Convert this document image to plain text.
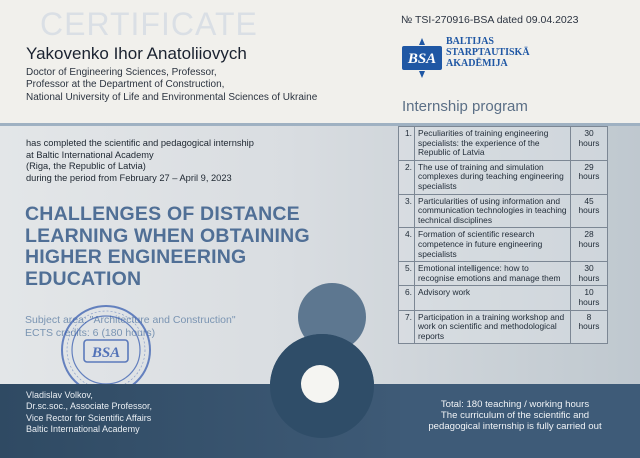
CERTIFICATE	№ TSI-270916-BSA dated 09.04.2023
Yakovenko Ihor Anatoliiovych
Doctor of Engineering Sciences, Professor,
Professor at the Department of Construction,
National University of Life and Environmental Sciences of Ukraine
BSA
BALTIJAS
STARPTAUTISKĀ
AKADĒMIJA
Internship program
has completed the scientific and pedagogical internship
at Baltic International Academy
(Riga, the Republic of Latvia)
during the period from February 27 – April 9, 2023
CHALLENGES OF DISTANCE LEARNING WHEN OBTAINING HIGHER ENGINEERING EDUCATION
Subject area: "Architecture and Construction"
ECTS credits: 6 (180 hours)
BSA
1.	Peculiarities of training engineering specialists: the experience of the Republic of Latvia	30
hours

2.	The use of training and simulation complexes during teaching engineering specialists	29
hours

3.	Particularities of using information and communication technologies in teaching technical disciplines	45
hours

4.	Formation of scientific research competence in future engineering specialists	28
hours

5.	Emotional intelligence: how to recognise emotions and manage them	30
hours

6.	Advisory work	10
hours

7.	Participation in a training workshop and work on scientific and methodological reports	8
hours
Vladislav Volkov,
Dr.sc.soc., Associate Professor,
Vice Rector for Scientific Affairs
Baltic International Academy
Total: 180 teaching / working hours
The curriculum of the scientific and
pedagogical internship is fully carried out
